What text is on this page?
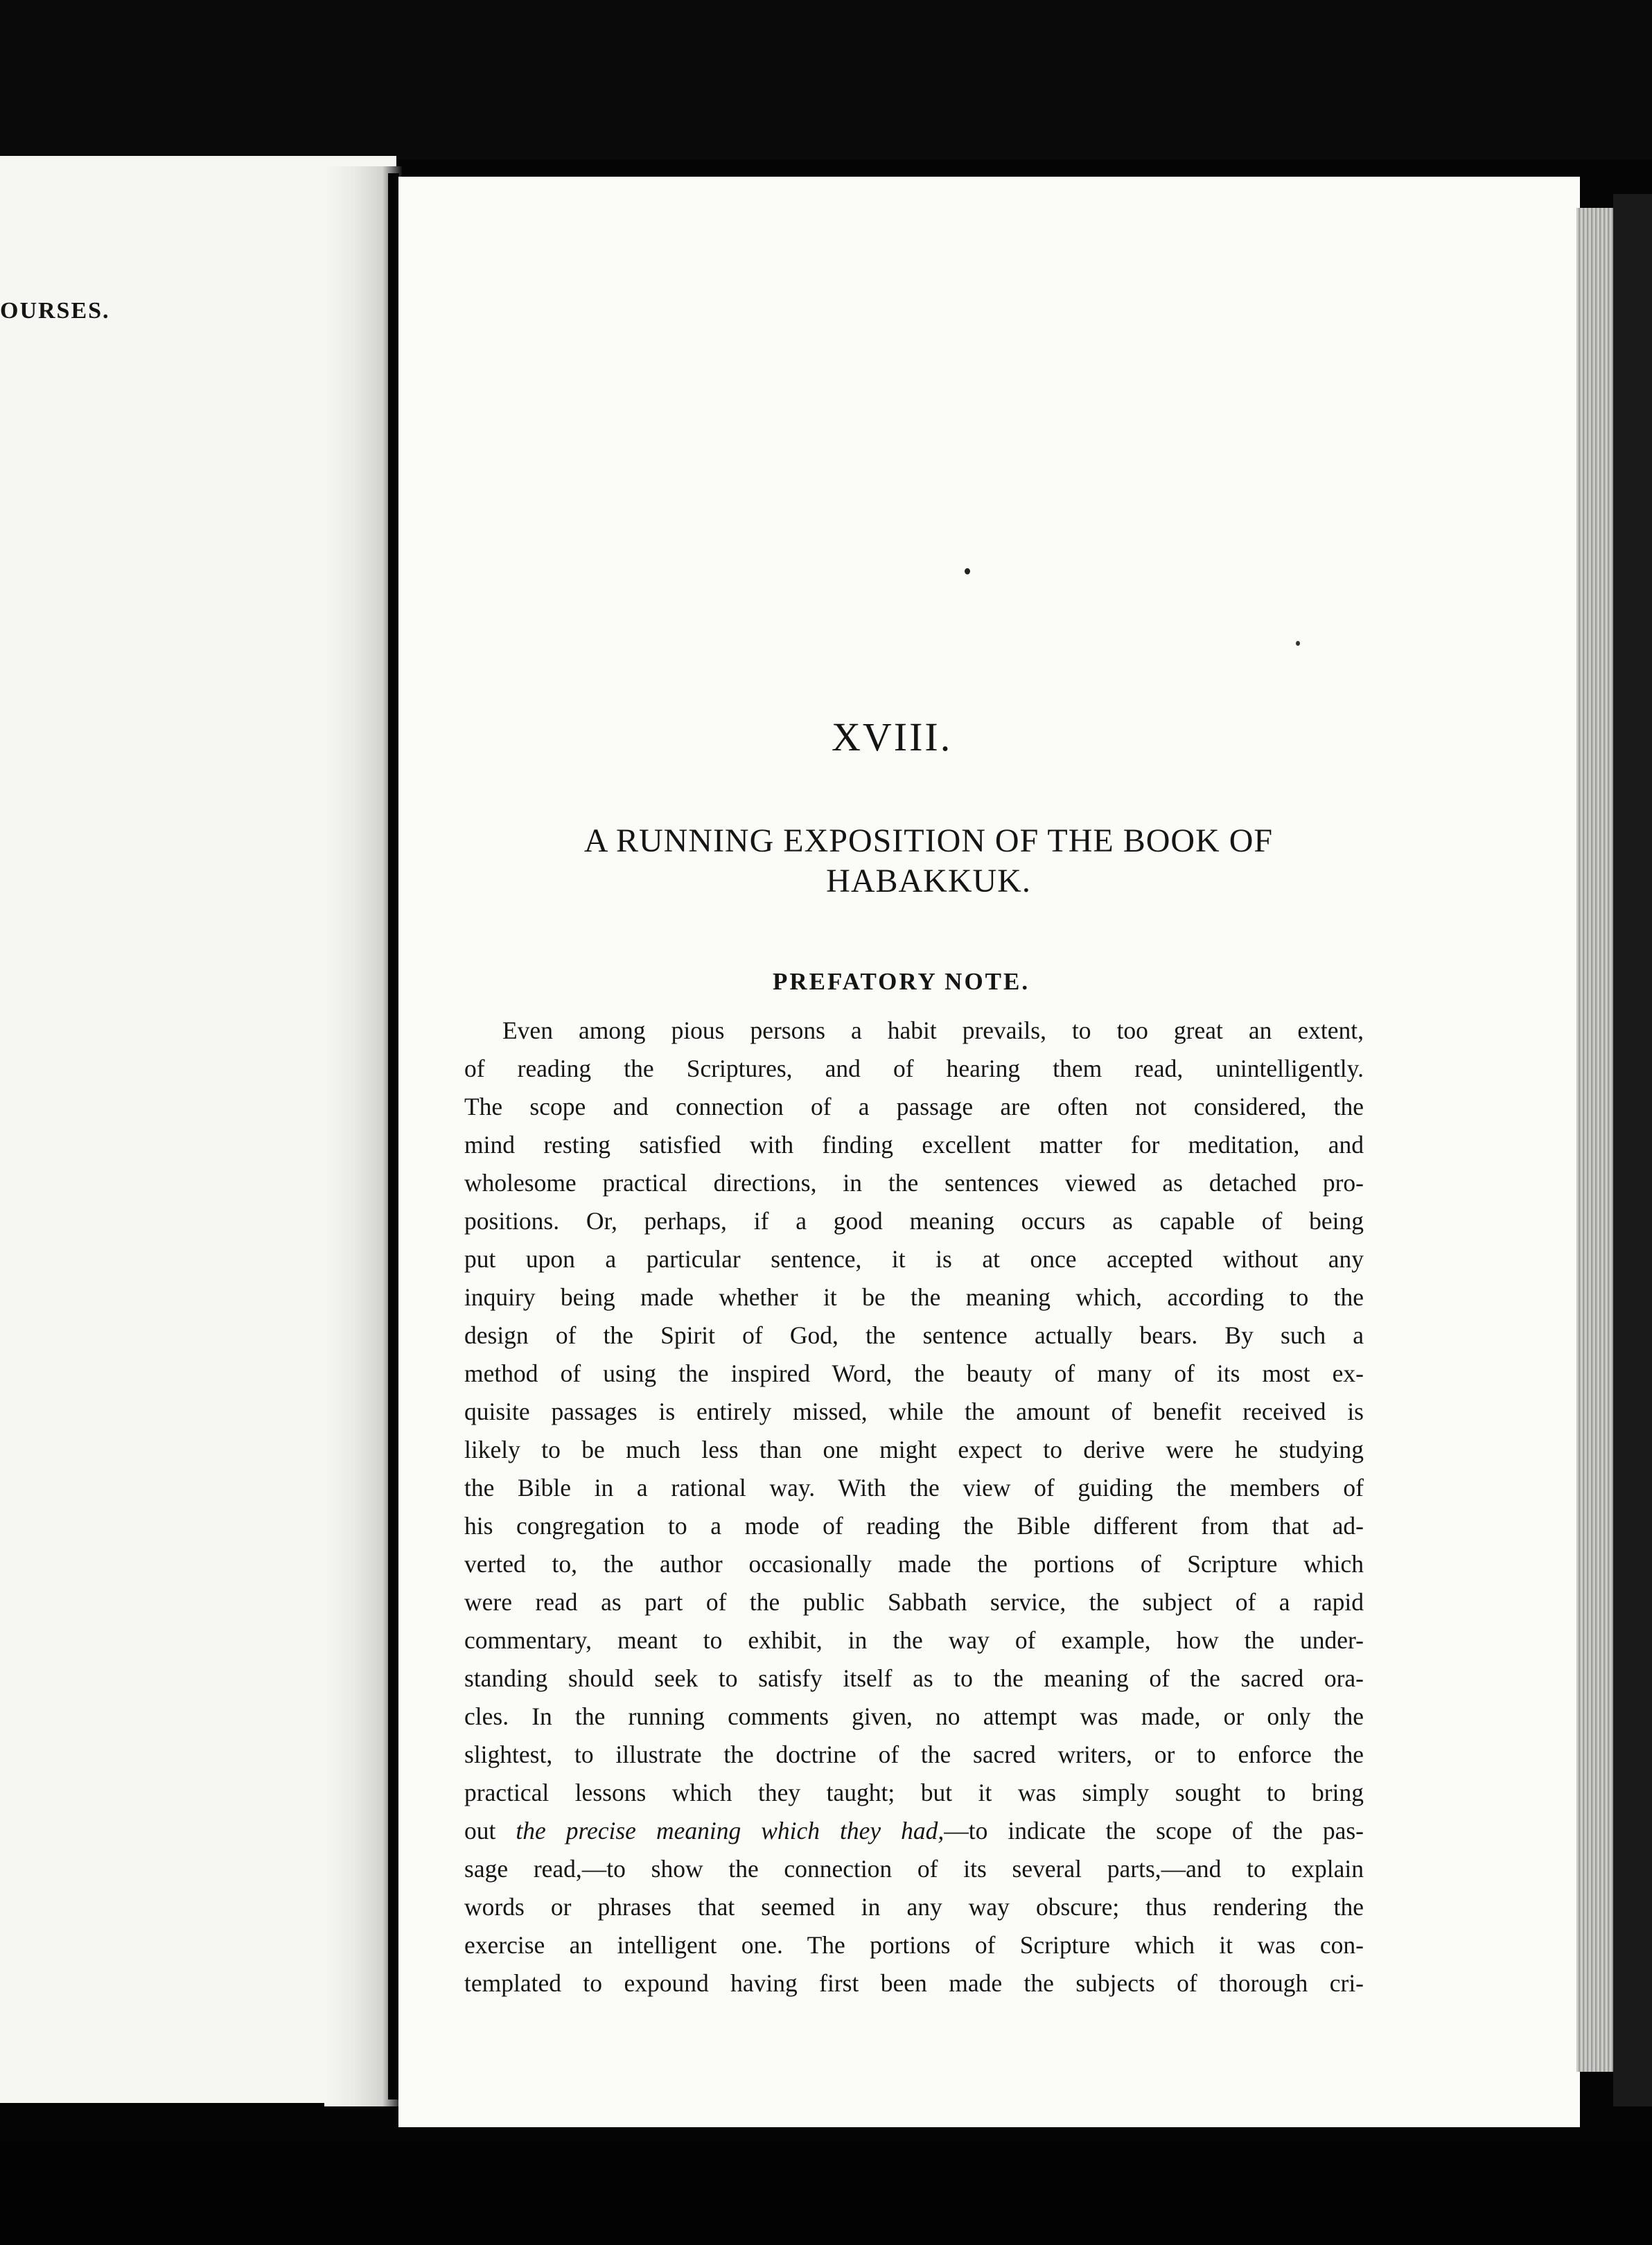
OURSES.
XVIII.
A RUNNING EXPOSITION OF THE BOOK OF
HABAKKUK.
PREFATORY NOTE.
Even among pious persons a habit prevails, to too great an extent,
of reading the Scriptures, and of hearing them read, unintelligently.
The scope and connection of a passage are often not considered, the
mind resting satisfied with finding excellent matter for meditation, and
wholesome practical directions, in the sentences viewed as detached pro-
positions. Or, perhaps, if a good meaning occurs as capable of being
put upon a particular sentence, it is at once accepted without any
inquiry being made whether it be the meaning which, according to the
design of the Spirit of God, the sentence actually bears. By such a
method of using the inspired Word, the beauty of many of its most ex-
quisite passages is entirely missed, while the amount of benefit received is
likely to be much less than one might expect to derive were he studying
the Bible in a rational way. With the view of guiding the members of
his congregation to a mode of reading the Bible different from that ad-
verted to, the author occasionally made the portions of Scripture which
were read as part of the public Sabbath service, the subject of a rapid
commentary, meant to exhibit, in the way of example, how the under-
standing should seek to satisfy itself as to the meaning of the sacred ora-
cles. In the running comments given, no attempt was made, or only the
slightest, to illustrate the doctrine of the sacred writers, or to enforce the
practical lessons which they taught; but it was simply sought to bring
out the precise meaning which they had,—to indicate the scope of the pas-
sage read,—to show the connection of its several parts,—and to explain
words or phrases that seemed in any way obscure; thus rendering the
exercise an intelligent one. The portions of Scripture which it was con-
templated to expound having first been made the subjects of thorough cri-
